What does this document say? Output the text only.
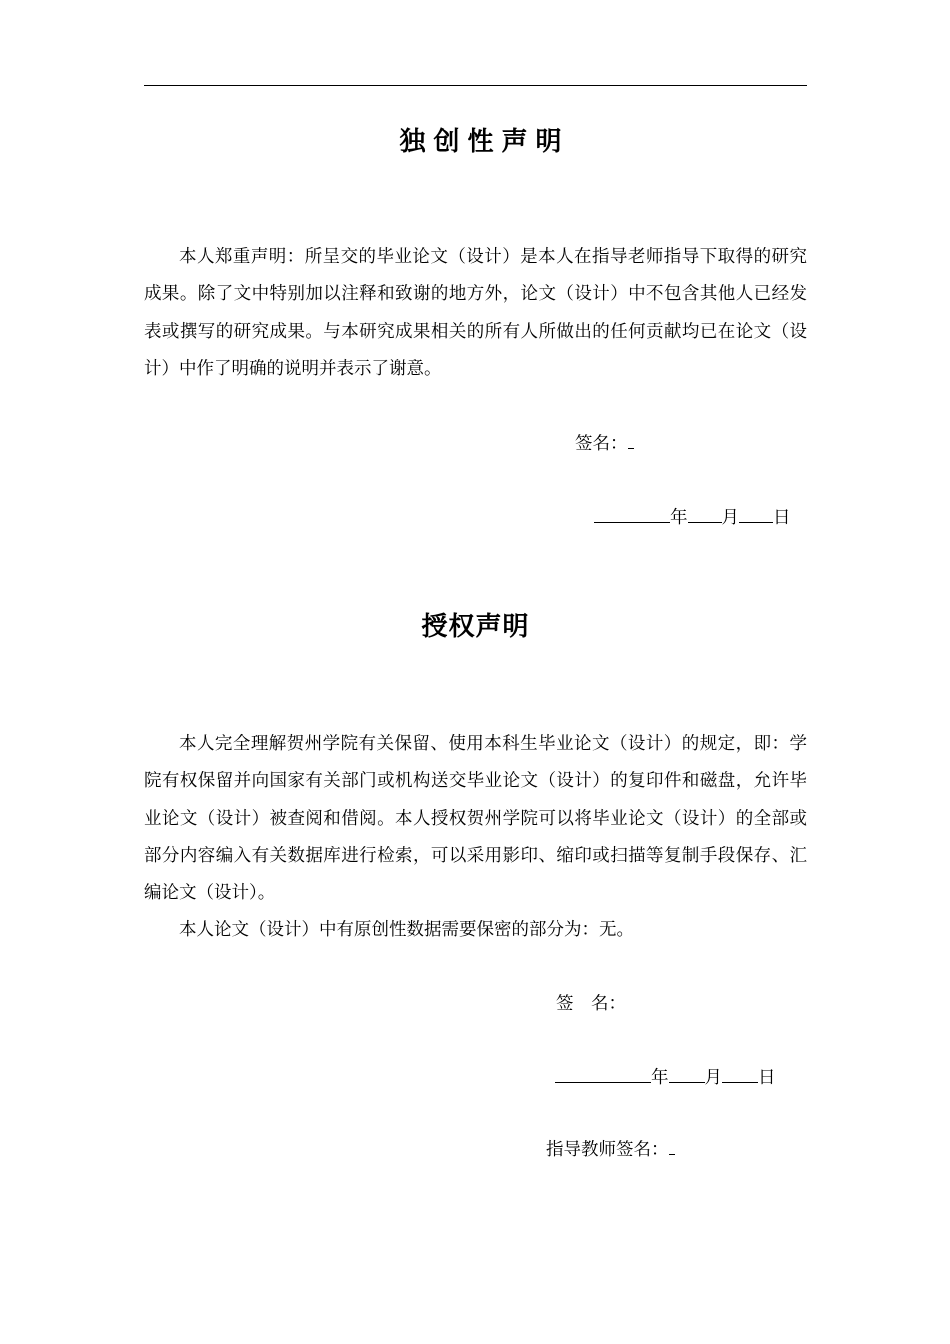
独创性声明

本人郑重声明：所呈交的毕业论文（设计）是本人在指导老师指导下取得的研究成果。除了文中特别加以注释和致谢的地方外，论文（设计）中不包含其他人已经发表或撰写的研究成果。与本研究成果相关的所有人所做出的任何贡献均已在论文（设计）中作了明确的说明并表示了谢意。

签名：
年 月 日
授权声明

本人完全理解贺州学院有关保留、使用本科生毕业论文（设计）的规定，即：学院有权保留并向国家有关部门或机构送交毕业论文（设计）的复印件和磁盘，允许毕业论文（设计）被查阅和借阅。本人授权贺州学院可以将毕业论文（设计）的全部或部分内容编入有关数据库进行检索，可以采用影印、缩印或扫描等复制手段保存、汇编论文（设计）。

本人论文（设计）中有原创性数据需要保密的部分为：无。

签　名：
年 月 日
指导教师签名：
